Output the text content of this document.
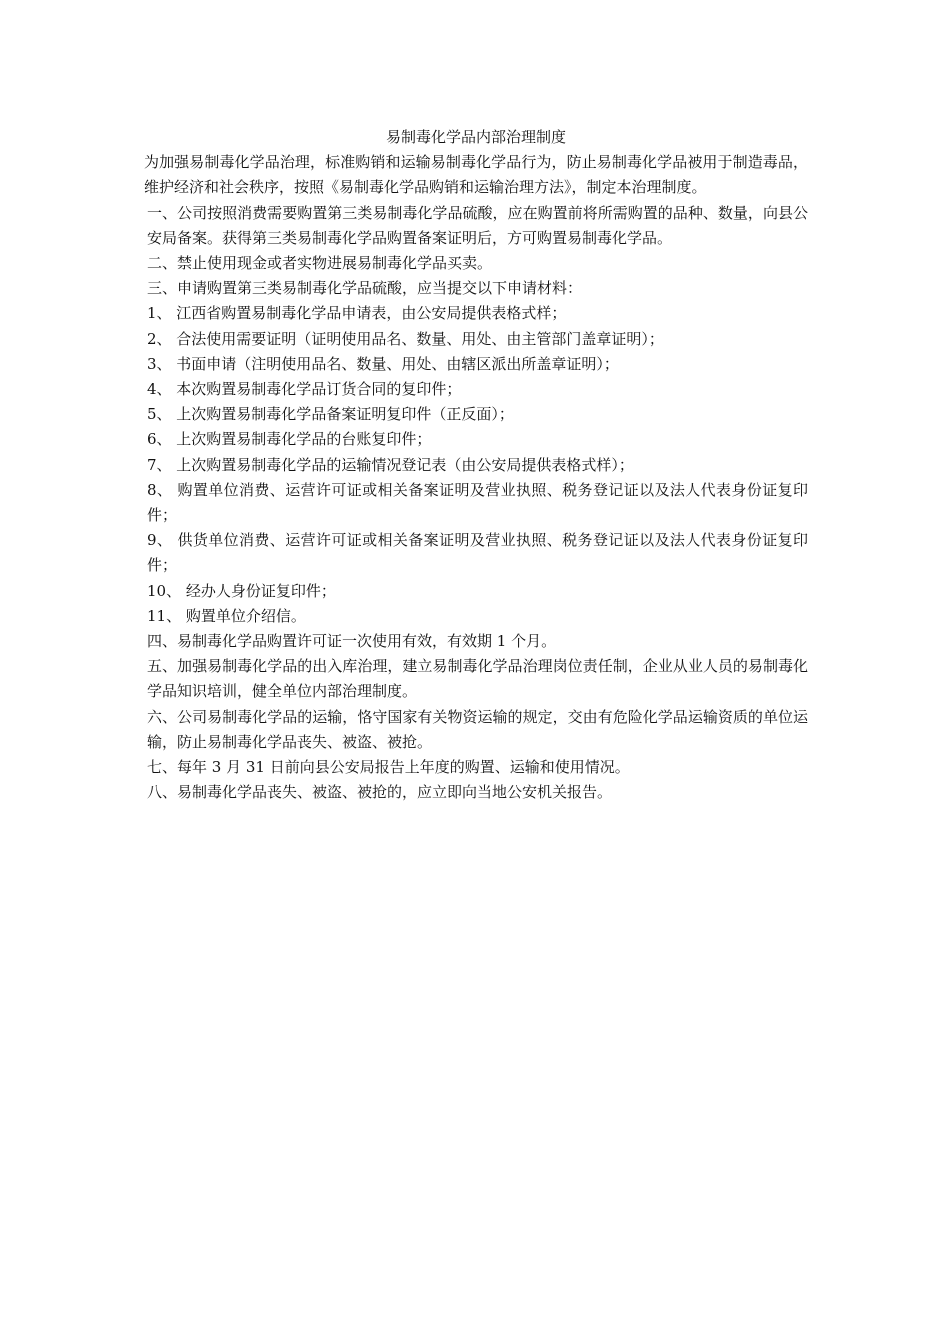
易制毒化学品内部治理制度

为加强易制毒化学品治理，标准购销和运输易制毒化学品行为，防止易制毒化学品被用于制造毒品，维护经济和社会秩序，按照《易制毒化学品购销和运输治理方法》，制定本治理制度。

一、公司按照消费需要购置第三类易制毒化学品硫酸，应在购置前将所需购置的品种、数量，向县公安局备案。获得第三类易制毒化学品购置备案证明后，方可购置易制毒化学品。

二、禁止使用现金或者实物进展易制毒化学品买卖。

三、申请购置第三类易制毒化学品硫酸，应当提交以下申请材料：

1、 江西省购置易制毒化学品申请表，由公安局提供表格式样；

2、 合法使用需要证明（证明使用品名、数量、用处、由主管部门盖章证明）；

3、 书面申请（注明使用品名、数量、用处、由辖区派出所盖章证明）；

4、 本次购置易制毒化学品订货合同的复印件；

5、 上次购置易制毒化学品备案证明复印件（正反面）；

6、 上次购置易制毒化学品的台账复印件；

7、 上次购置易制毒化学品的运输情况登记表（由公安局提供表格式样）；

8、 购置单位消费、运营许可证或相关备案证明及营业执照、税务登记证以及法人代表身份证复印件；

9、 供货单位消费、运营许可证或相关备案证明及营业执照、税务登记证以及法人代表身份证复印件；

10、 经办人身份证复印件；

11、 购置单位介绍信。

四、易制毒化学品购置许可证一次使用有效，有效期 1 个月。

五、加强易制毒化学品的出入库治理，建立易制毒化学品治理岗位责任制，企业从业人员的易制毒化学品知识培训，健全单位内部治理制度。

六、公司易制毒化学品的运输，恪守国家有关物资运输的规定，交由有危险化学品运输资质的单位运输，防止易制毒化学品丧失、被盗、被抢。

七、每年 3 月 31 日前向县公安局报告上年度的购置、运输和使用情况。

八、易制毒化学品丧失、被盗、被抢的，应立即向当地公安机关报告。
